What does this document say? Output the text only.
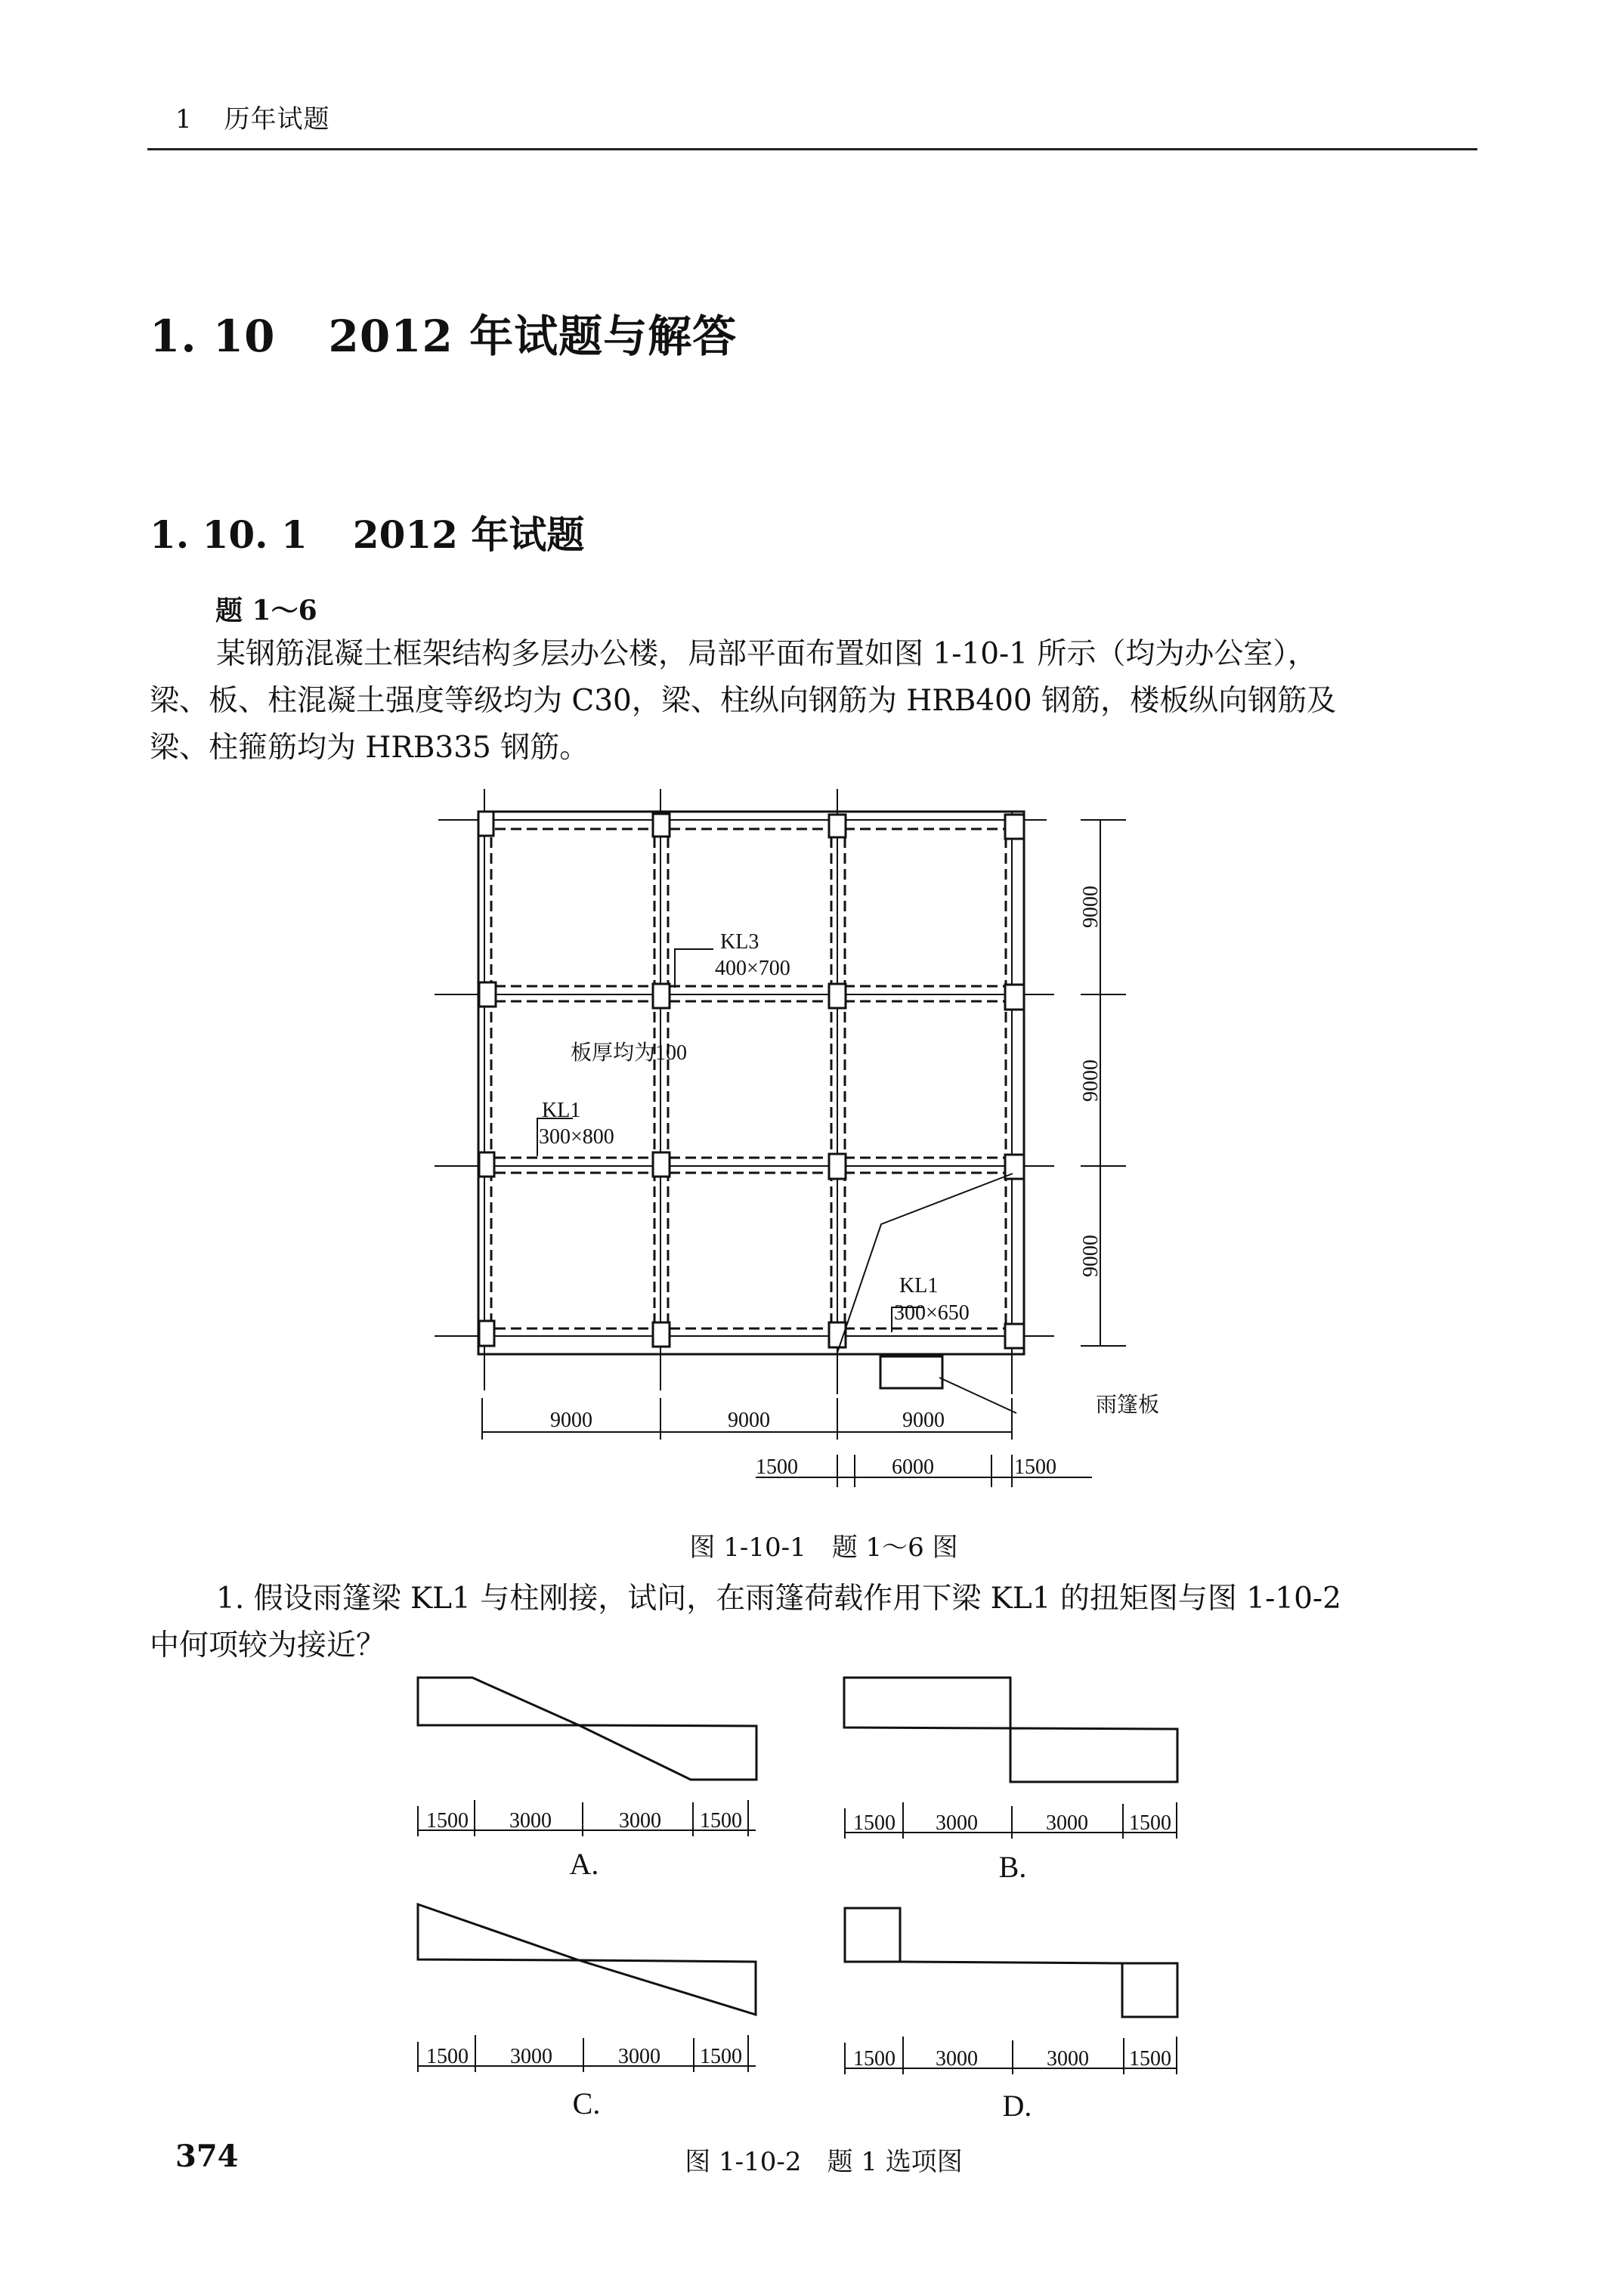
1 历年试题
1. 10 2012 年试题与解答
1. 10. 1 2012 年试题
题 1～6
某钢筋混凝土框架结构多层办公楼，局部平面布置如图 1-10-1 所示（均为办公室），
梁、板、柱混凝土强度等级均为 C30，梁、柱纵向钢筋为 HRB400 钢筋，楼板纵向钢筋及
梁、柱箍筋均为 HRB335 钢筋。
KL3
400×700
板厚均为100
KL1
300×800
KL1
300×650
雨篷板
9000
9000
9000
9000	9000	9000
1500	6000	1500
图 1-10-1　题 1～6 图
1. 假设雨篷梁 KL1 与柱刚接，试问，在雨篷荷载作用下梁 KL1 的扭矩图与图 1-10-2
中何项较为接近？
1500 3000	3000 1500	1500 3000	3000 1500
1500 3000	3000 1500	1500 3000	3000 1500
A.	B.
C.	D.
374	图 1-10-2　题 1 选项图
